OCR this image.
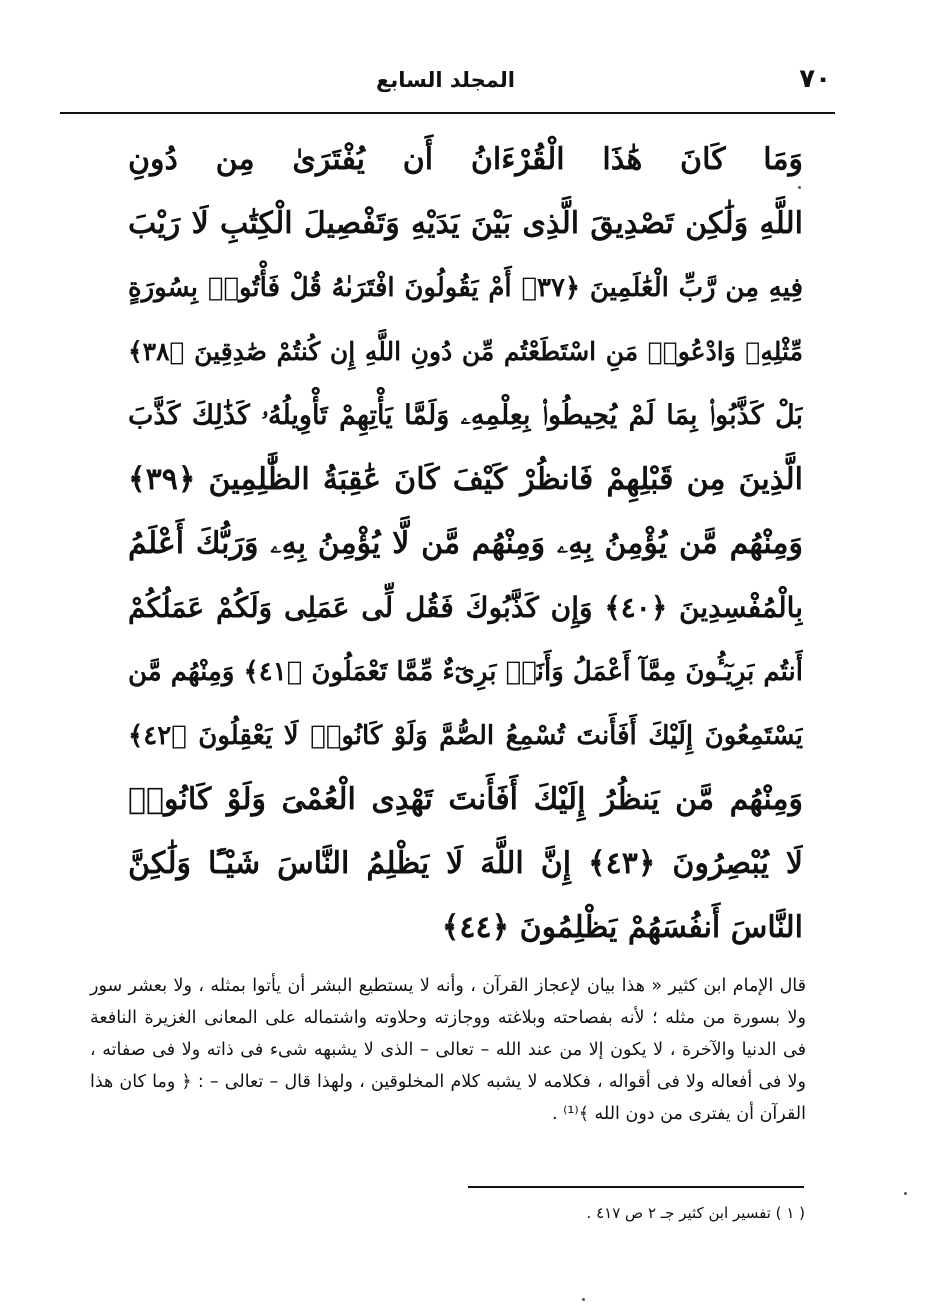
٧٠
المجلد السابع
وَمَا كَانَ هَٰذَا الْقُرْءَانُ أَن يُفْتَرَىٰ مِن دُونِ
اللَّهِ وَلَٰكِن تَصْدِيقَ الَّذِى بَيْنَ يَدَيْهِ وَتَفْصِيلَ الْكِتَٰبِ لَا رَيْبَ
فِيهِ مِن رَّبِّ الْعَٰلَمِينَ ﴿٣٧﴾ أَمْ يَقُولُونَ افْتَرَىٰهُ قُلْ فَأْتُوا۟ بِسُورَةٍ
مِّثْلِهِۦ وَادْعُوا۟ مَنِ اسْتَطَعْتُم مِّن دُونِ اللَّهِ إِن كُنتُمْ صَٰدِقِينَ ﴿٣٨﴾
بَلْ كَذَّبُوا۟ بِمَا لَمْ يُحِيطُوا۟ بِعِلْمِهِۦ وَلَمَّا يَأْتِهِمْ تَأْوِيلُهُۥ كَذَٰلِكَ كَذَّبَ
الَّذِينَ مِن قَبْلِهِمْ فَانظُرْ كَيْفَ كَانَ عَٰقِبَةُ الظَّٰلِمِينَ ﴿٣٩﴾
وَمِنْهُم مَّن يُؤْمِنُ بِهِۦ وَمِنْهُم مَّن لَّا يُؤْمِنُ بِهِۦ وَرَبُّكَ أَعْلَمُ
بِالْمُفْسِدِينَ ﴿٤٠﴾ وَإِن كَذَّبُوكَ فَقُل لِّى عَمَلِى وَلَكُمْ عَمَلُكُمْ
أَنتُم بَرِيٓـُٔونَ مِمَّآ أَعْمَلُ وَأَنَا۠ بَرِىٓءٌ مِّمَّا تَعْمَلُونَ ﴿٤١﴾ وَمِنْهُم مَّن
يَسْتَمِعُونَ إِلَيْكَ أَفَأَنتَ تُسْمِعُ الصُّمَّ وَلَوْ كَانُوا۟ لَا يَعْقِلُونَ ﴿٤٢﴾
وَمِنْهُم مَّن يَنظُرُ إِلَيْكَ أَفَأَنتَ تَهْدِى الْعُمْىَ وَلَوْ كَانُوا۟
لَا يُبْصِرُونَ ﴿٤٣﴾ إِنَّ اللَّهَ لَا يَظْلِمُ النَّاسَ شَيْـًٔا وَلَٰكِنَّ
النَّاسَ أَنفُسَهُمْ يَظْلِمُونَ ﴿٤٤﴾

قال الإمام ابن كثير « هذا بيان لإعجاز القرآن ، وأنه لا يستطيع البشر أن يأتوا بمثله ، ولا بعشر سور ولا بسورة من مثله ؛ لأنه بفصاحته وبلاغته ووجازته وحلاوته واشتماله على المعانى الغزيرة النافعة فى الدنيا والآخرة ، لا يكون إلا من عند الله – تعالى – الذى لا يشبهه شىء فى ذاته ولا فى صفاته ، ولا فى أفعاله ولا فى أقواله ، فكلامه لا يشبه كلام المخلوقين ، ولهذا قال – تعالى – : ﴿ وما كان هذا القرآن أن يفترى من دون الله ﴾⁽¹⁾ .

( ١ ) تفسير ابن كثير جـ ٢ ص ٤١٧ .
